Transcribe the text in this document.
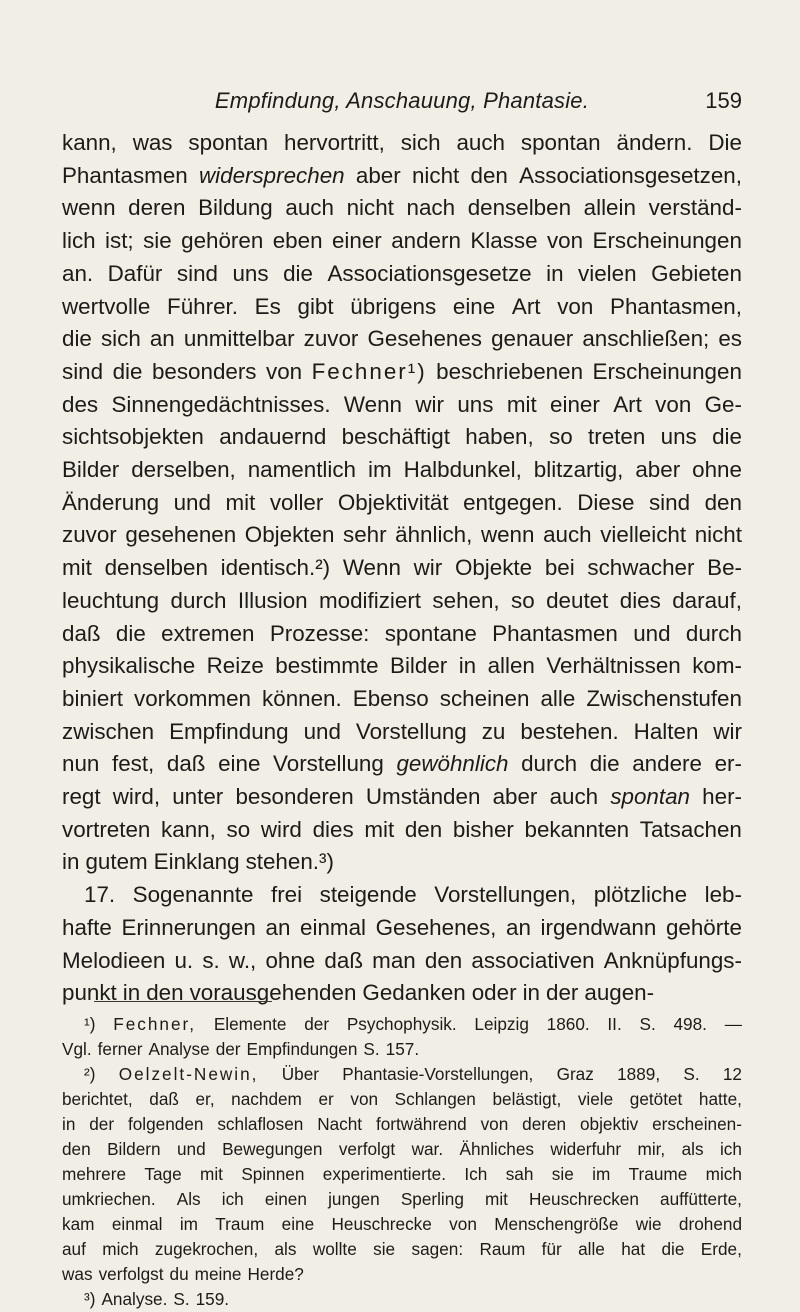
Empfindung, Anschauung, Phantasie.	159
kann, was spontan hervortritt, sich auch spontan ändern. Die
Phantasmen widersprechen aber nicht den Associationsgesetzen,
wenn deren Bildung auch nicht nach denselben allein verständ-
lich ist; sie gehören eben einer andern Klasse von Erscheinungen
an. Dafür sind uns die Associationsgesetze in vielen Gebieten
wertvolle Führer. Es gibt übrigens eine Art von Phantasmen,
die sich an unmittelbar zuvor Gesehenes genauer anschließen; es
sind die besonders von Fechner¹) beschriebenen Erscheinungen
des Sinnengedächtnisses. Wenn wir uns mit einer Art von Ge-
sichtsobjekten andauernd beschäftigt haben, so treten uns die
Bilder derselben, namentlich im Halbdunkel, blitzartig, aber ohne
Änderung und mit voller Objektivität entgegen. Diese sind den
zuvor gesehenen Objekten sehr ähnlich, wenn auch vielleicht nicht
mit denselben identisch.²) Wenn wir Objekte bei schwacher Be-
leuchtung durch Illusion modifiziert sehen, so deutet dies darauf,
daß die extremen Prozesse: spontane Phantasmen und durch
physikalische Reize bestimmte Bilder in allen Verhältnissen kom-
biniert vorkommen können. Ebenso scheinen alle Zwischenstufen
zwischen Empfindung und Vorstellung zu bestehen. Halten wir
nun fest, daß eine Vorstellung gewöhnlich durch die andere er-
regt wird, unter besonderen Umständen aber auch spontan her-
vortreten kann, so wird dies mit den bisher bekannten Tatsachen
in gutem Einklang stehen.³)
17. Sogenannte frei steigende Vorstellungen, plötzliche leb-
hafte Erinnerungen an einmal Gesehenes, an irgendwann gehörte
Melodieen u. s. w., ohne daß man den associativen Anknüpfungs-
punkt in den vorausgehenden Gedanken oder in der augen-
¹) Fechner, Elemente der Psychophysik. Leipzig 1860. II. S. 498. —
Vgl. ferner Analyse der Empfindungen S. 157.
²) Oelzelt-Newin, Über Phantasie-Vorstellungen, Graz 1889, S. 12
berichtet, daß er, nachdem er von Schlangen belästigt, viele getötet hatte,
in der folgenden schlaflosen Nacht fortwährend von deren objektiv erscheinen-
den Bildern und Bewegungen verfolgt war. Ähnliches widerfuhr mir, als ich
mehrere Tage mit Spinnen experimentierte. Ich sah sie im Traume mich
umkriechen. Als ich einen jungen Sperling mit Heuschrecken auffütterte,
kam einmal im Traum eine Heuschrecke von Menschengröße wie drohend
auf mich zugekrochen, als wollte sie sagen: Raum für alle hat die Erde,
was verfolgst du meine Herde?
³) Analyse. S. 159.
